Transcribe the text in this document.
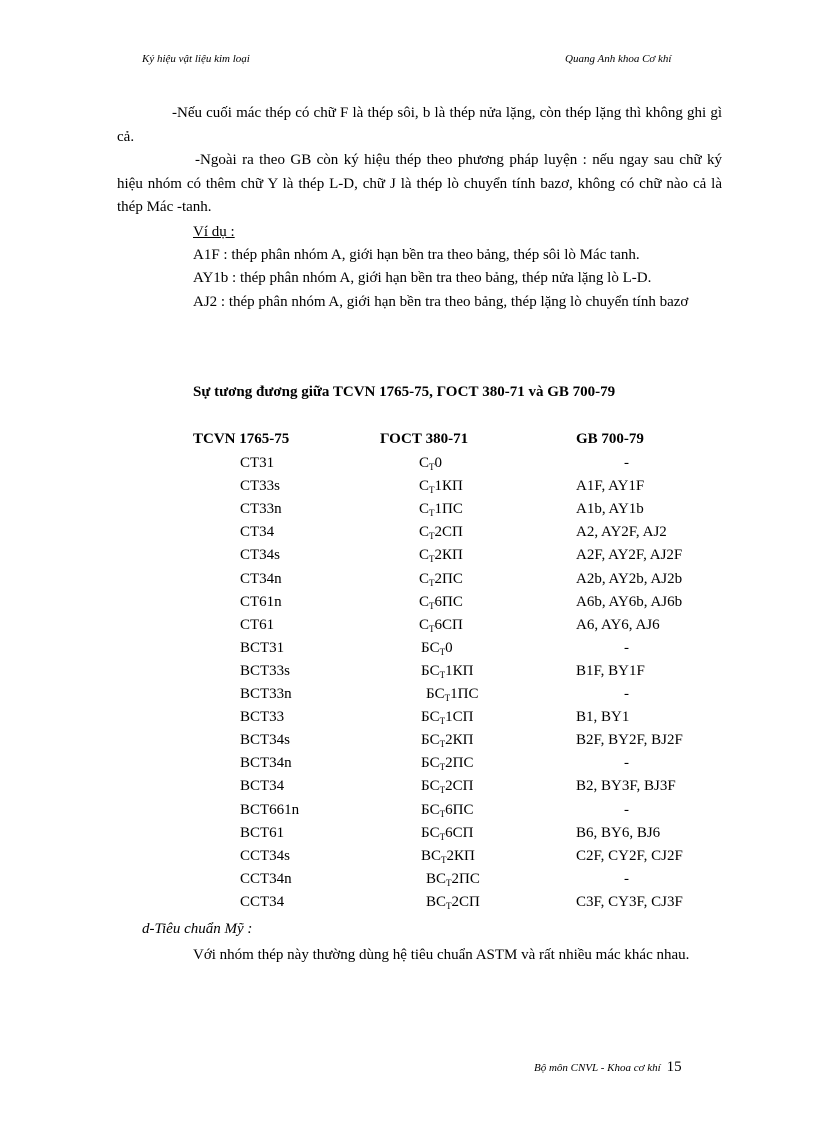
Ký hiệu vật liệu kim loại	Quang Anh khoa Cơ khí
-Nếu cuối mác thép có chữ F là thép sôi, b là thép nửa lặng, còn thép lặng thì không ghi gì cả.
-Ngoài ra theo GB còn ký hiệu thép theo phương pháp luyện : nếu ngay sau chữ ký hiệu nhóm có thêm chữ Y là thép L-D, chữ J là thép lò chuyển tính bazơ, không có chữ nào cả là thép Mác -tanh.
Ví dụ :
A1F : thép phân nhóm A, giới hạn bền tra theo bảng, thép sôi lò Mác tanh.
AY1b : thép phân nhóm A, giới hạn bền tra theo bảng, thép nửa lặng lò L-D.
AJ2 : thép phân nhóm A, giới hạn bền tra theo bảng, thép lặng lò chuyển tính bazơ
Sự tương đương giữa TCVN 1765-75, ГОСТ 380-71 và GB 700-79
TCVN 1765-75	ГОСТ 380-71	GB 700-79
CT31	$C_T0$	-
CT33s	$C_T1КП$	A1F, AY1F
CT33n	$C_T1ПС$	A1b, AY1b
CT34	$C_T2СП$	A2, AY2F, AJ2
CT34s	$C_T2КП$	A2F, AY2F, AJ2F
CT34n	$C_T2ПС$	A2b, AY2b, AJ2b
CT61n	$C_T6ПС$	A6b, AY6b, AJ6b
CT61	$C_T6СП$	A6, AY6, AJ6
BCT31	$БC_T0$	-
BCT33s	$БC_T1КП$	B1F, BY1F
BCT33n	$БC_T1ПС$	-
BCT33	$БC_T1СП$	B1, BY1
BCT34s	$БC_T2КП$	B2F, BY2F, BJ2F
BCT34n	$БC_T2ПС$	-
BCT34	$БC_T2СП$	B2, BY3F, BJ3F
BCT661n	$БC_T6ПС$	-
BCT61	$БC_T6СП$	B6, BY6, BJ6
CCT34s	$BC_T2КП$	C2F, CY2F, CJ2F
CCT34n	$BC_T2ПС$	-
CCT34	$BC_T2СП$	C3F, CY3F, CJ3F
d-Tiêu chuẩn Mỹ :
Với nhóm thép này thường dùng hệ tiêu chuẩn ASTM và rất nhiều mác khác nhau.
Bộ môn CNVL - Khoa cơ khí 15
